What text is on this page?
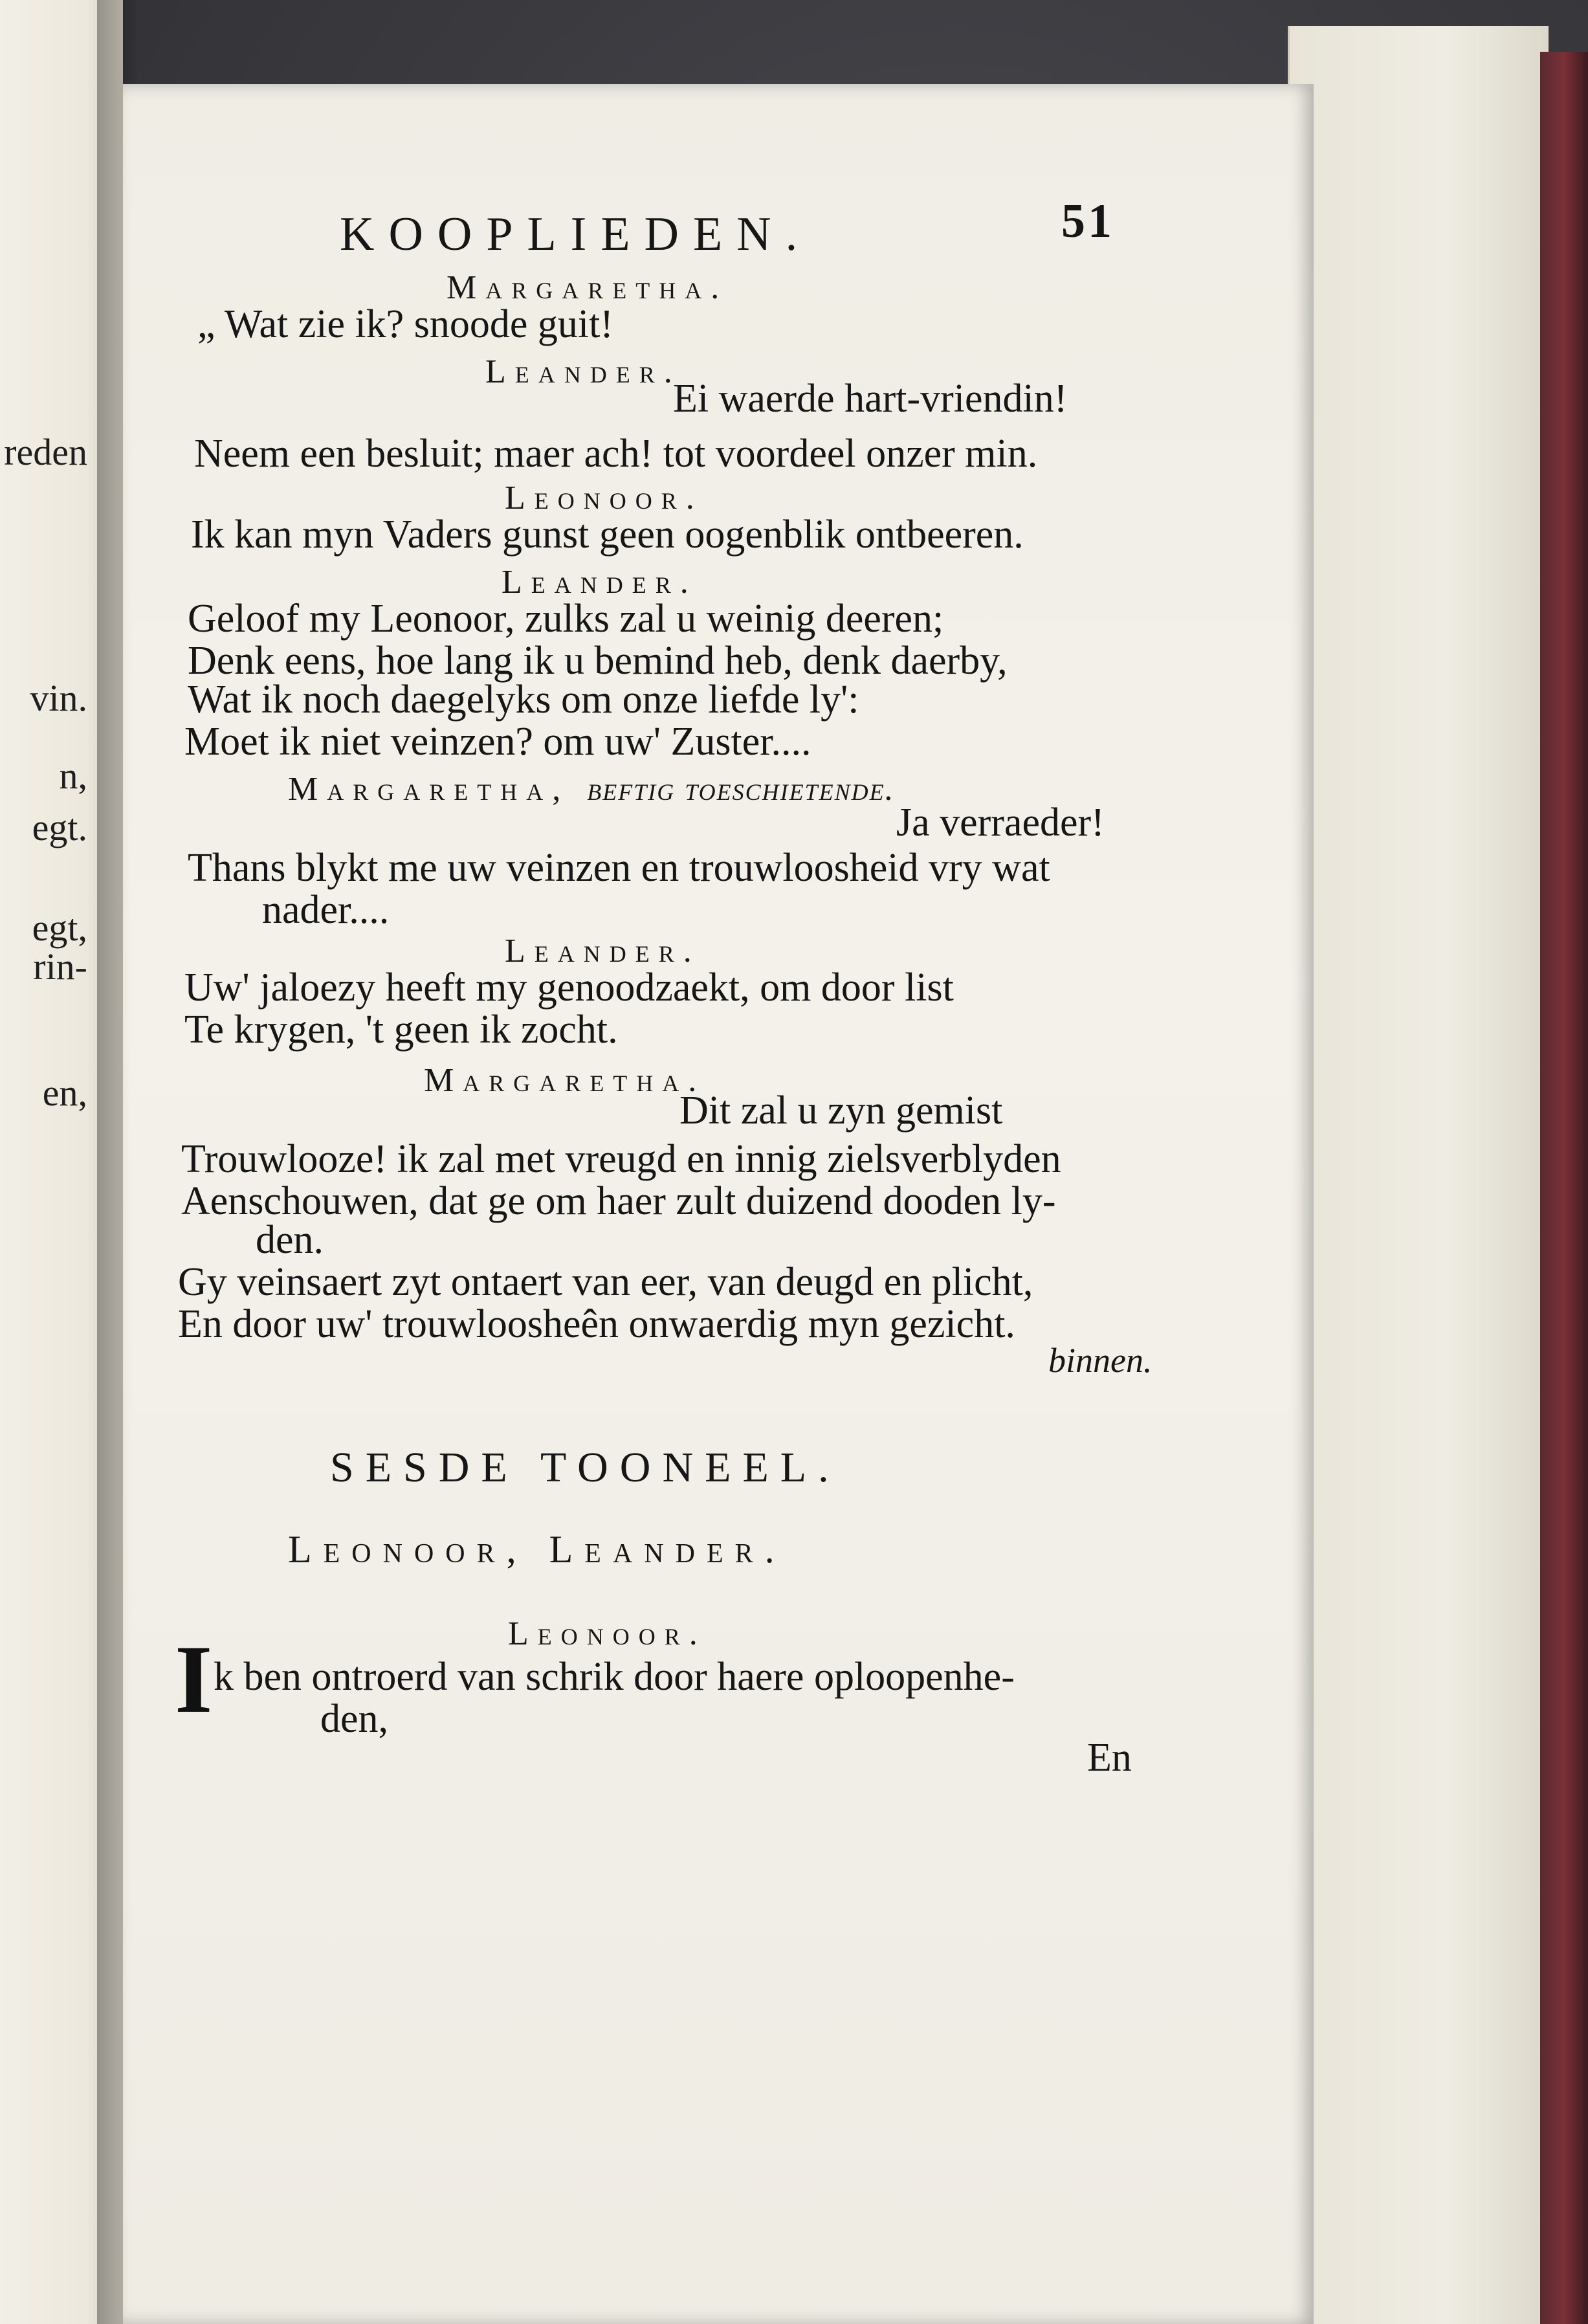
reden
vin.
n,
egt.
egt,
rin-
en,
KOOPLIEDEN.	51
Margaretha.
„ Wat zie ik? snoode guit!
Leander.
Ei waerde hart-vriendin!
Neem een besluit; maer ach! tot voordeel onzer min.
Leonoor.
Ik kan myn Vaders gunst geen oogenblik ontbeeren.
Leander.
Geloof my Leonoor, zulks zal u weinig deeren;
Denk eens, hoe lang ik u bemind heb, denk daerby,
Wat ik noch daegelyks om onze liefde ly':
Moet ik niet veinzen? om uw' Zuster....
Margaretha, beftig toeschietende.
Ja verraeder!
Thans blykt me uw veinzen en trouwloosheid vry wat
nader....
Leander.
Uw' jaloezy heeft my genoodzaekt, om door list
Te krygen, 't geen ik zocht.
Margaretha.
Dit zal u zyn gemist
Trouwlooze! ik zal met vreugd en innig zielsverblyden
Aenschouwen, dat ge om haer zult duizend dooden ly-
den.
Gy veinsaert zyt ontaert van eer, van deugd en plicht,
En door uw' trouwloosheên onwaerdig myn gezicht.
binnen.
SESDE TOONEEL.
Leonoor, Leander.
Leonoor.
I k ben ontroerd van schrik door haere oploopenhe-
den,
En
